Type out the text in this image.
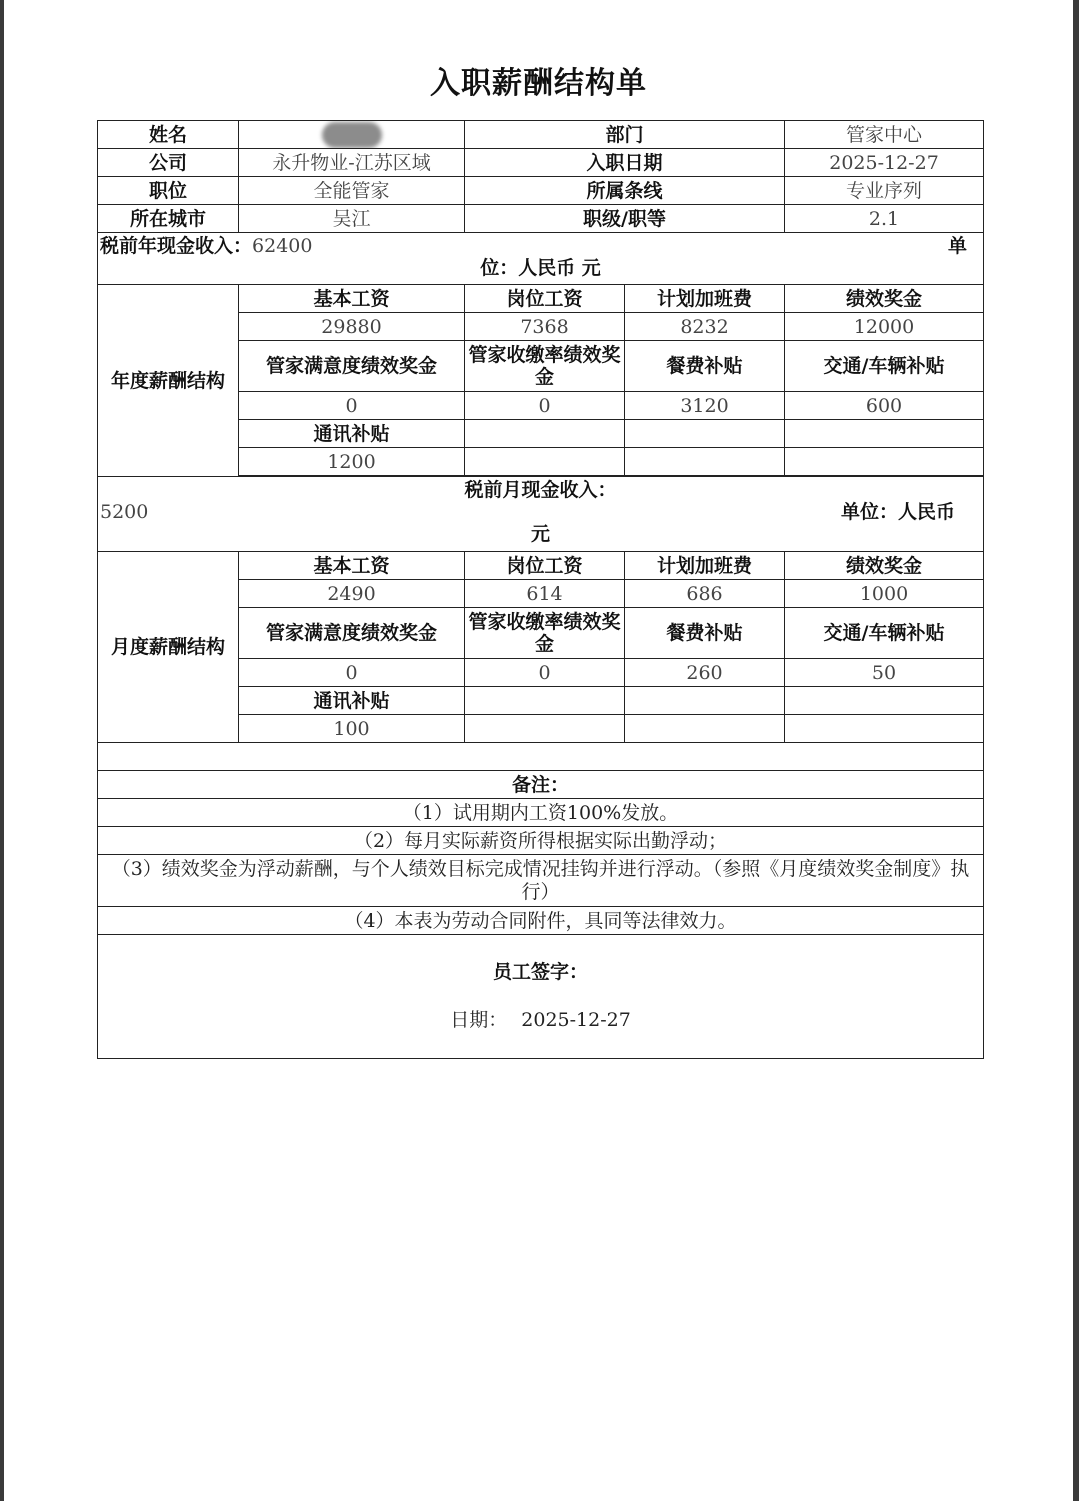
入职薪酬结构单
姓名		部门		管家中心
公司	永升物业-江苏区域	入职日期		2025-12-27
职位	全能管家	所属条线		专业序列
所在城市	吴江	职级/职等		2.1

税前年现金收入：62400 单
位：人民币 元				

年度薪酬结构	基本工资	岗位工资	计划加班费	绩效奖金
	29880	7368	8232	12000
	管家满意度绩效奖金	管家收缴率绩效奖金	餐费补贴	交通/车辆补贴
	0	0	3120	600
	通讯补贴			
	1200			

税前月现金收入：
5200 单位：人民币
元				

月度薪酬结构	基本工资	岗位工资	计划加班费	绩效奖金
	2490	614	686	1000
	管家满意度绩效奖金	管家收缴率绩效奖金	餐费补贴	交通/车辆补贴
	0	0	260	50
	通讯补贴			
	100			

备注：				
（1）试用期内工资100%发放。				
（2）每月实际薪资所得根据实际出勤浮动；				
（3）绩效奖金为浮动薪酬，与个人绩效目标完成情况挂钩并进行浮动。（参照《月度绩效奖金制度》执行）				
（4）本表为劳动合同附件，具同等法律效力。				

员工签字：
日期： 2025-12-27				
